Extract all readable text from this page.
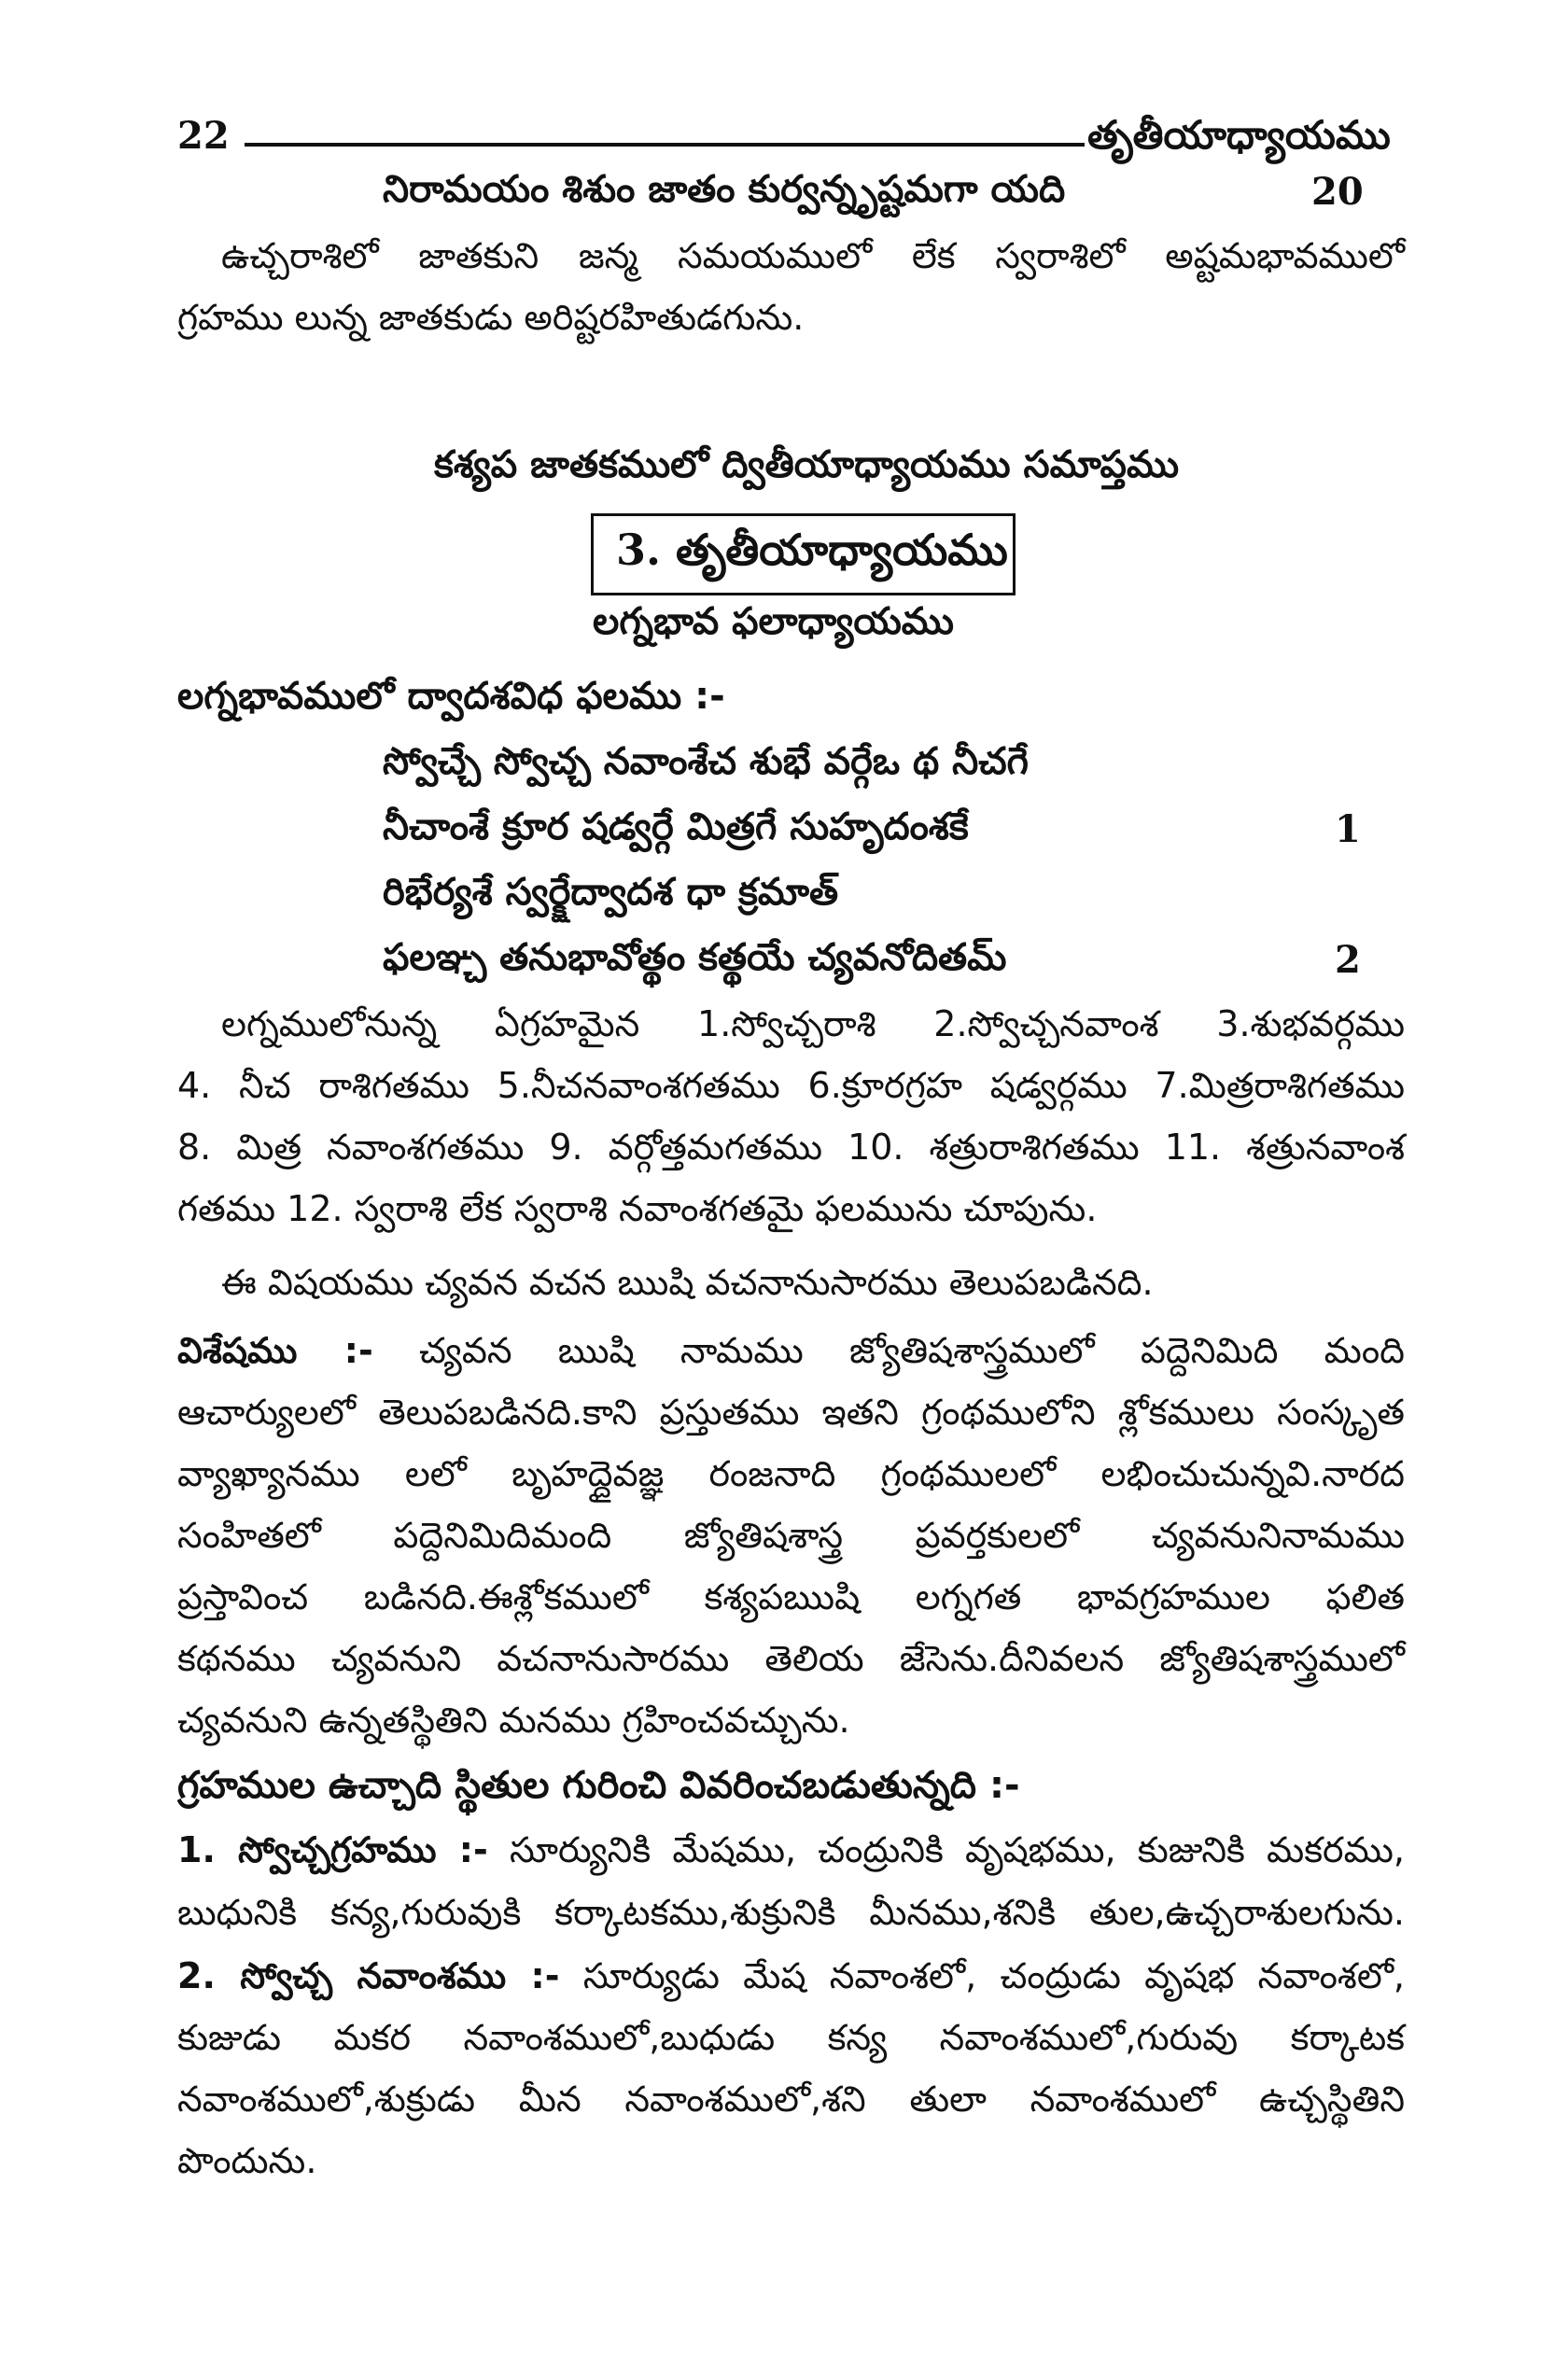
22	తృతీయాధ్యాయము
నిరామయం శిశుం జాతం కుర్వన్నృష్టమగా యది	20
ఉచ్చరాశిలో జాతకుని జన్మ సమయములో లేక స్వరాశిలో అష్టమభావములో
గ్రహము లున్న జాతకుడు అరిష్టరహితుడగును.
కశ్యప జాతకములో ద్వితీయాధ్యాయము సమాప్తము
3. తృతీయాధ్యాయము
లగ్నభావ ఫలాధ్యాయము
లగ్నభావములో ద్వాదశవిధ ఫలము :-
స్వోచ్చే స్వోచ్చ నవాంశేచ శుభే వర్గేఒ థ నీచగే
నీచాంశే క్రూర షడ్వర్గే మిత్రగే సుహృదంశకే	1
రిభేర్యశే స్వర్క్షేద్వాదశ ధా క్రమాత్
ఫలఞ్చ తనుభావోత్థం కత్థయే చ్యవనోదితమ్	2
లగ్నములోనున్న ఏగ్రహమైన 1.స్వోచ్చరాశి 2.స్వోచ్చనవాంశ 3.శుభవర్గము
4. నీచ రాశిగతము 5.నీచనవాంశగతము 6.క్రూరగ్రహ షడ్వర్గము 7.మిత్రరాశిగతము
8. మిత్ర నవాంశగతము 9. వర్గోత్తమగతము 10. శత్రురాశిగతము 11. శత్రునవాంశ
గతము 12. స్వరాశి లేక స్వరాశి నవాంశగతమై ఫలమును చూపును.
ఈ విషయము చ్యవన వచన ఋషి వచనానుసారము తెలుపబడినది.
విశేషము :- చ్యవన ఋషి నామము జ్యోతిషశాస్త్రములో పద్దెనిమిది మంది
ఆచార్యులలో తెలుపబడినది.కాని ప్రస్తుతము ఇతని గ్రంథములోని శ్లోకములు సంస్కృత
వ్యాఖ్యానము లలో బృహద్దైవజ్ఞ రంజనాది గ్రంథములలో లభించుచున్నవి.నారద
సంహితలో పద్దెనిమిదిమంది జ్యోతిషశాస్త్ర ప్రవర్తకులలో చ్యవనునినామము
ప్రస్తావించ బడినది.ఈశ్లోకములో కశ్యపఋషి లగ్నగత భావగ్రహముల ఫలిత
కథనము చ్యవనుని వచనానుసారము తెలియ జేసెను.దీనివలన జ్యోతిషశాస్త్రములో
చ్యవనుని ఉన్నతస్థితిని మనము గ్రహించవచ్చును.
గ్రహముల ఉచ్చాది స్థితుల గురించి వివరించబడుతున్నది :-
1. స్వోచ్చగ్రహము :- సూర్యునికి మేషము, చంద్రునికి వృషభము, కుజునికి మకరము,
బుధునికి కన్య,గురువుకి కర్కాటకము,శుక్రునికి మీనము,శనికి తుల,ఉచ్చరాశులగును.
2. స్వోచ్చ నవాంశము :- సూర్యుడు మేష నవాంశలో, చంద్రుడు వృషభ నవాంశలో,
కుజుడు మకర నవాంశములో,బుధుడు కన్య నవాంశములో,గురువు కర్కాటక
నవాంశములో,శుక్రుడు మీన నవాంశములో,శని తులా నవాంశములో ఉచ్చస్థితిని
పొందును.
